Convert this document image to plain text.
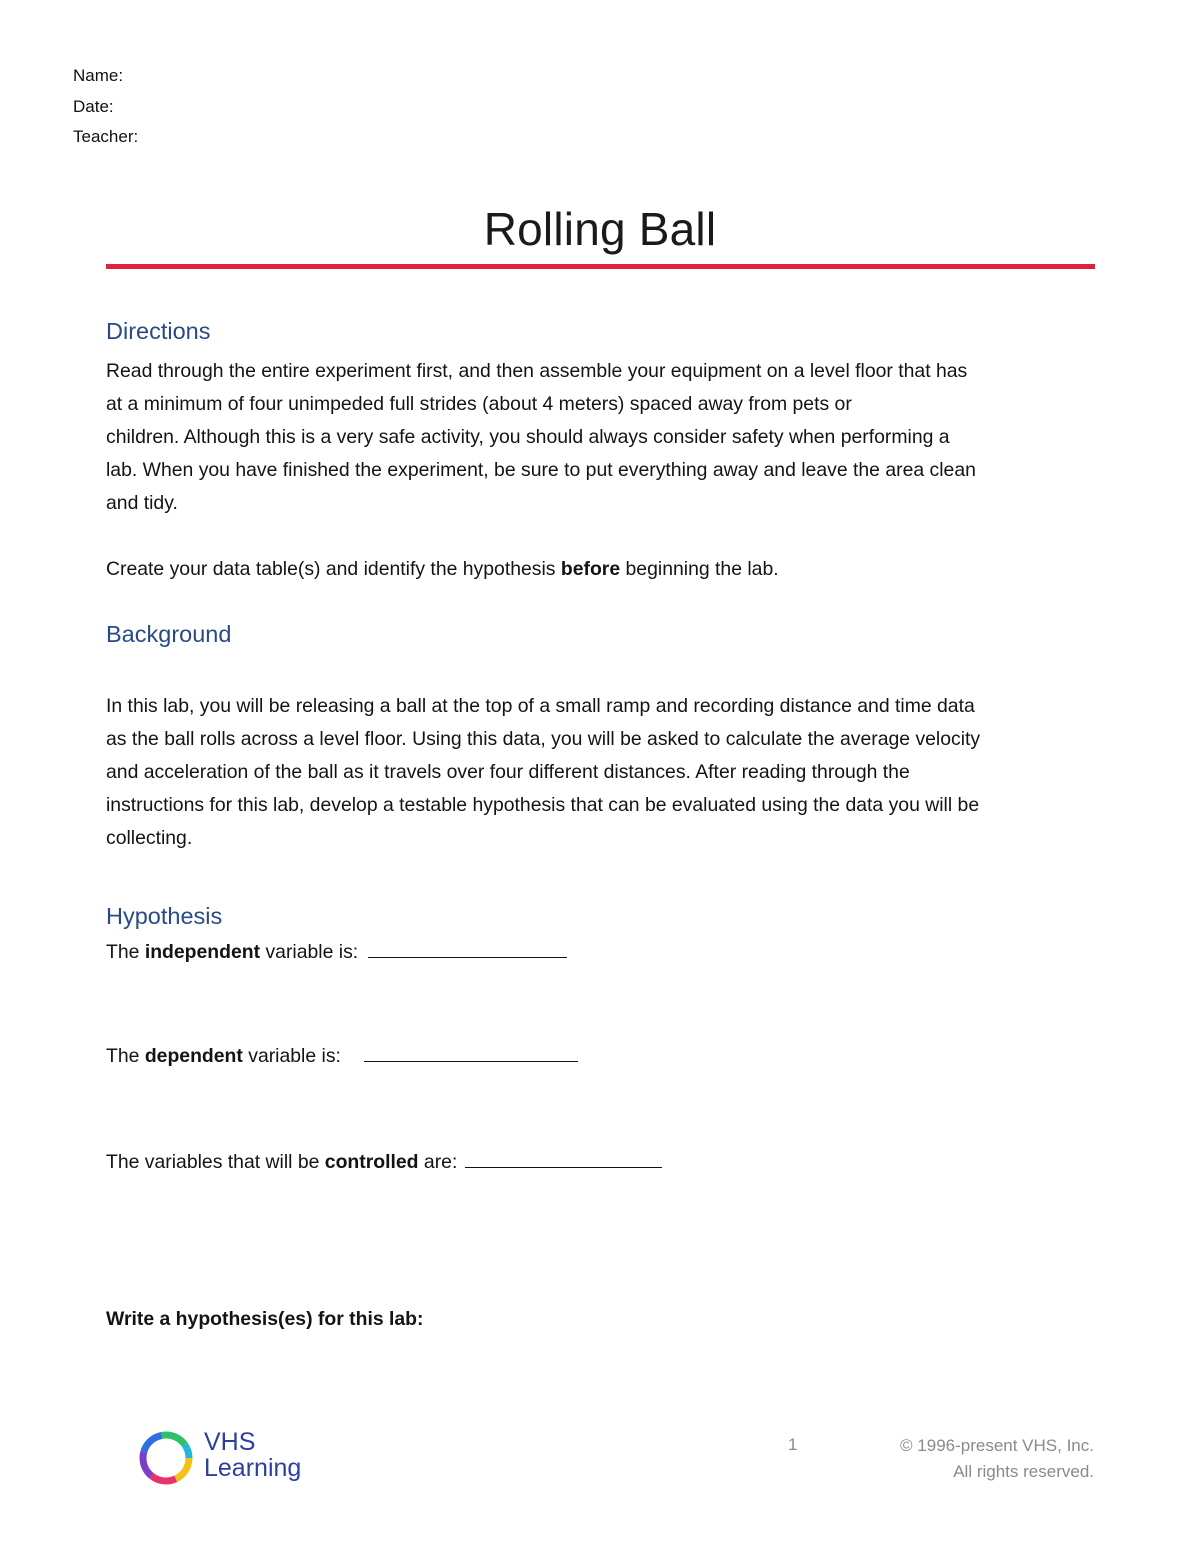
Name:
Date:
Teacher:
Rolling Ball
Directions
Read through the entire experiment first, and then assemble your equipment on a level floor that has
at a minimum of four unimpeded full strides (about 4 meters) spaced away from pets or
children. Although this is a very safe activity, you should always consider safety when performing a
lab. When you have finished the experiment, be sure to put everything away and leave the area clean
and tidy.
Create your data table(s) and identify the hypothesis before beginning the lab.
Background
In this lab, you will be releasing a ball at the top of a small ramp and recording distance and time data
as the ball rolls across a level floor. Using this data, you will be asked to calculate the average velocity
and acceleration of the ball as it travels over four different distances. After reading through the
instructions for this lab, develop a testable hypothesis that can be evaluated using the data you will be
collecting.
Hypothesis
The independent variable is:
The dependent variable is:
The variables that will be controlled are:
Write a hypothesis(es) for this lab:
VHS
Learning
1	© 1996-present VHS, Inc.
All rights reserved.
